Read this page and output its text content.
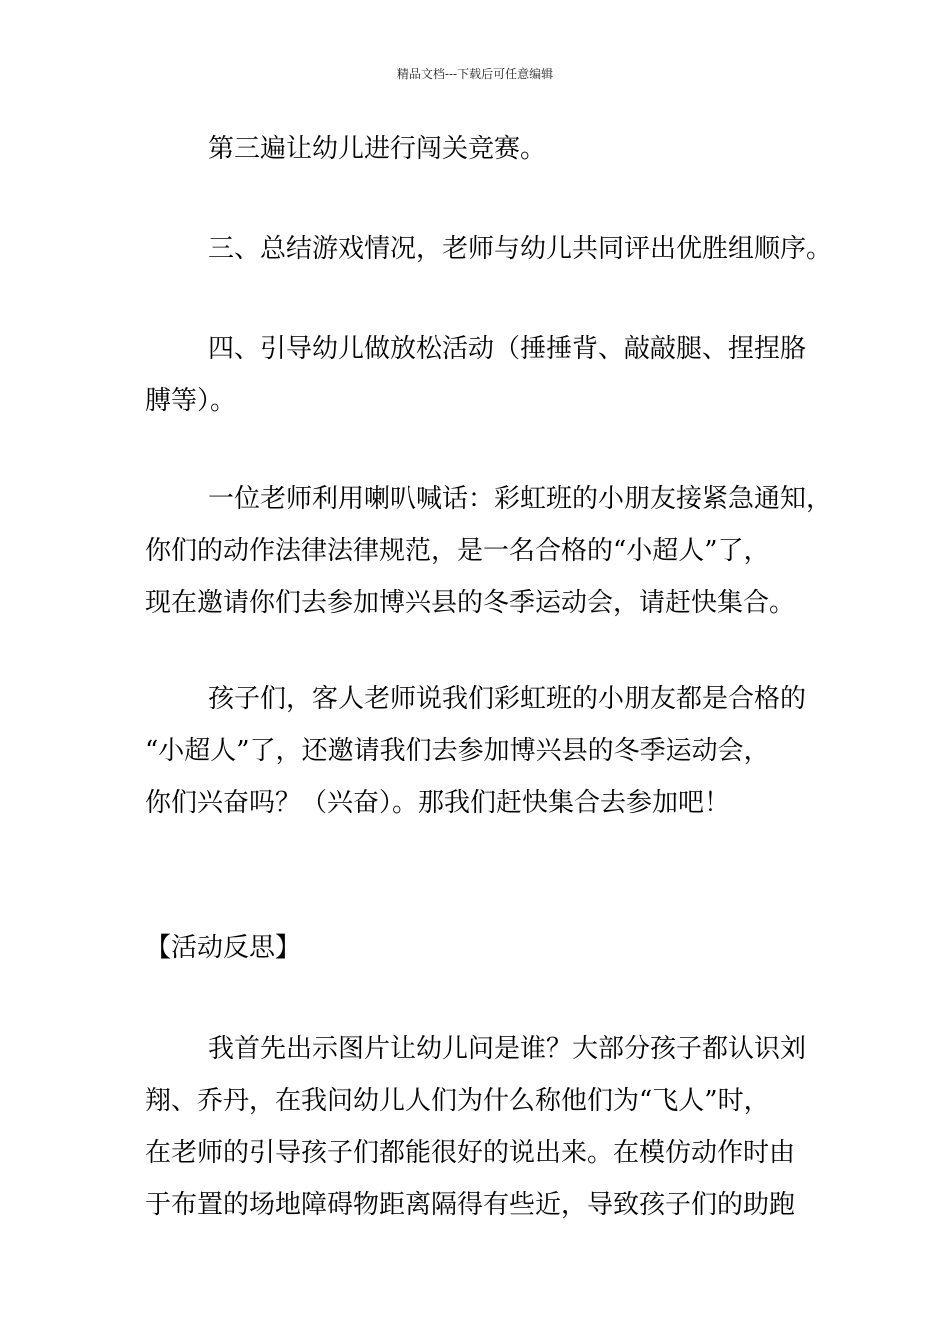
精品文档---下载后可任意编辑

第三遍让幼儿进行闯关竞赛。

三、总结游戏情况，老师与幼儿共同评出优胜组顺序。

四、引导幼儿做放松活动（捶捶背、敲敲腿、捏捏胳
膊等）。

一位老师利用喇叭喊话：彩虹班的小朋友接紧急通知，
你们的动作法律法律规范，是一名合格的“小超人”了，
现在邀请你们去参加博兴县的冬季运动会，请赶快集合。

孩子们，客人老师说我们彩虹班的小朋友都是合格的
“小超人”了，还邀请我们去参加博兴县的冬季运动会，
你们兴奋吗？（兴奋）。那我们赶快集合去参加吧！

【活动反思】

我首先出示图片让幼儿问是谁？大部分孩子都认识刘
翔、乔丹，在我问幼儿人们为什么称他们为“飞人”时，
在老师的引导孩子们都能很好的说出来。在模仿动作时由
于布置的场地障碍物距离隔得有些近，导致孩子们的助跑
